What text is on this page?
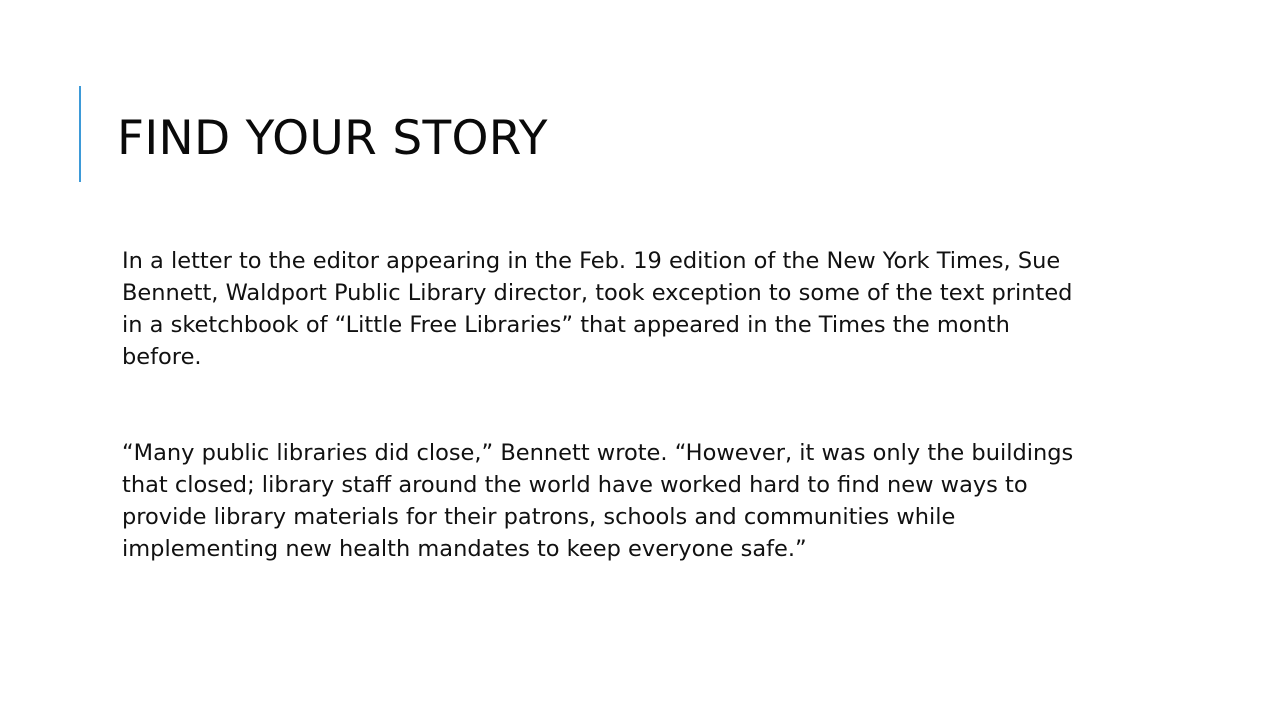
FIND YOUR STORY

In a letter to the editor appearing in the Feb. 19 edition of the New York Times, Sue

Bennett, Waldport Public Library director, took exception to some of the text printed

in a sketchbook of “Little Free Libraries” that appeared in the Times the month

before.

“Many public libraries did close,” Bennett wrote. “However, it was only the buildings

that closed; library staff around the world have worked hard to find new ways to

provide library materials for their patrons, schools and communities while

implementing new health mandates to keep everyone safe.”
